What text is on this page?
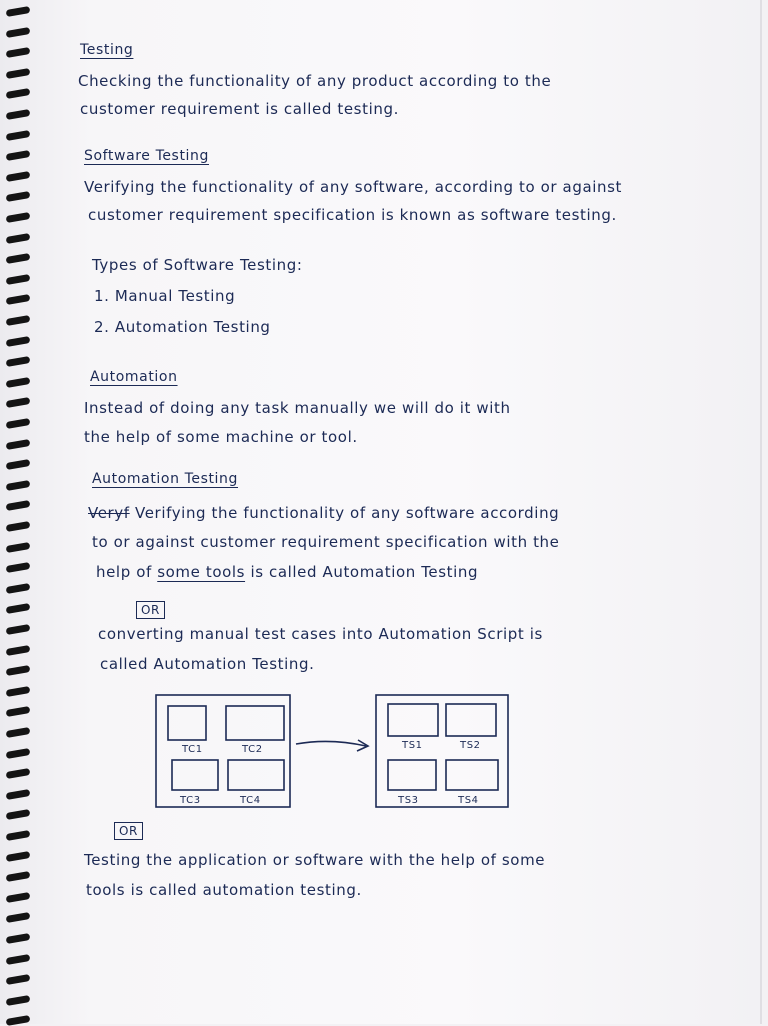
Testing
Checking the functionality of any product according to the
customer requirement is called testing.
Software Testing
Verifying the functionality of any software, according to or against
customer requirement specification is known as software testing.
Types of Software Testing:
1. Manual Testing
2. Automation Testing
Automation
Instead of doing any task manually we will do it with
the help of some machine or tool.
Automation Testing
Veryf Verifying the functionality of any software according
to or against customer requirement specification with the
help of some tools is called Automation Testing
OR
converting manual test cases into Automation Script is
called Automation Testing.
TC1	TC2
TC3	TC4
TS1	TS2
TS3	TS4
OR
Testing the application or software with the help of some
tools is called automation testing.
